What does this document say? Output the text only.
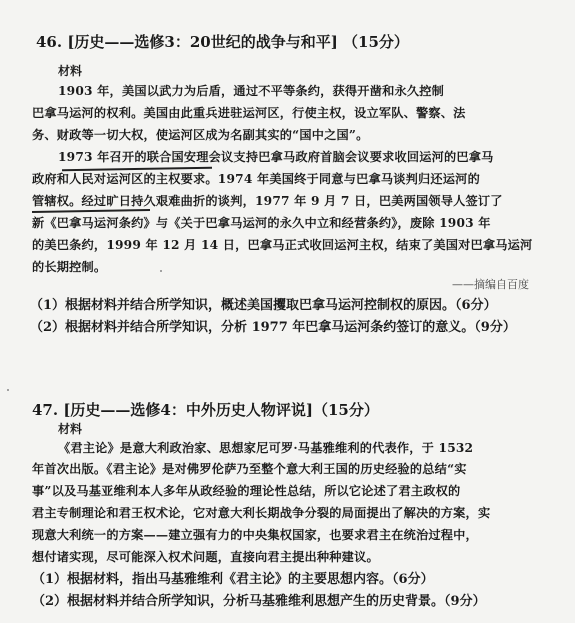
46. [历史——选修3：20世纪的战争与和平] （15分）
材料
1903 年，美国以武力为后盾，通过不平等条约，获得开凿和永久控制
巴拿马运河的权利。美国由此重兵进驻运河区，行使主权，设立军队、警察、法
务、财政等一切大权，使运河区成为名副其实的“国中之国”。
1973 年召开的联合国安理会议支持巴拿马政府首脑会议要求收回运河的巴拿马
政府和人民对运河区的主权要求。1974 年美国终于同意与巴拿马谈判归还运河的
管辖权。经过旷日持久艰难曲折的谈判，1977 年 9 月 7 日，巴美两国领导人签订了
新《巴拿马运河条约》与《关于巴拿马运河的永久中立和经营条约》，废除 1903 年
的美巴条约，1999 年 12 月 14 日，巴拿马正式收回运河主权，结束了美国对巴拿马运河
的长期控制。
——摘编自百度
（1）根据材料并结合所学知识，概述美国攫取巴拿马运河控制权的原因。（6分）
（2）根据材料并结合所学知识，分析 1977 年巴拿马运河条约签订的意义。（9分）
47. [历史——选修4：中外历史人物评说]（15分）
材料
《君主论》是意大利政治家、思想家尼可罗·马基雅维利的代表作，于 1532
年首次出版。《君主论》是对佛罗伦萨乃至整个意大利王国的历史经验的总结“实
事”以及马基亚维利本人多年从政经验的理论性总结，所以它论述了君主政权的
君主专制理论和君王权术论，它对意大利长期战争分裂的局面提出了解决的方案，实
现意大利统一的方案——建立强有力的中央集权国家，也要求君主在统治过程中，
想付诸实现，尽可能深入权术问题，直接向君主提出种种建议。
（1）根据材料，指出马基雅维利《君主论》的主要思想内容。（6分）
（2）根据材料并结合所学知识，分析马基雅维利思想产生的历史背景。（9分）
